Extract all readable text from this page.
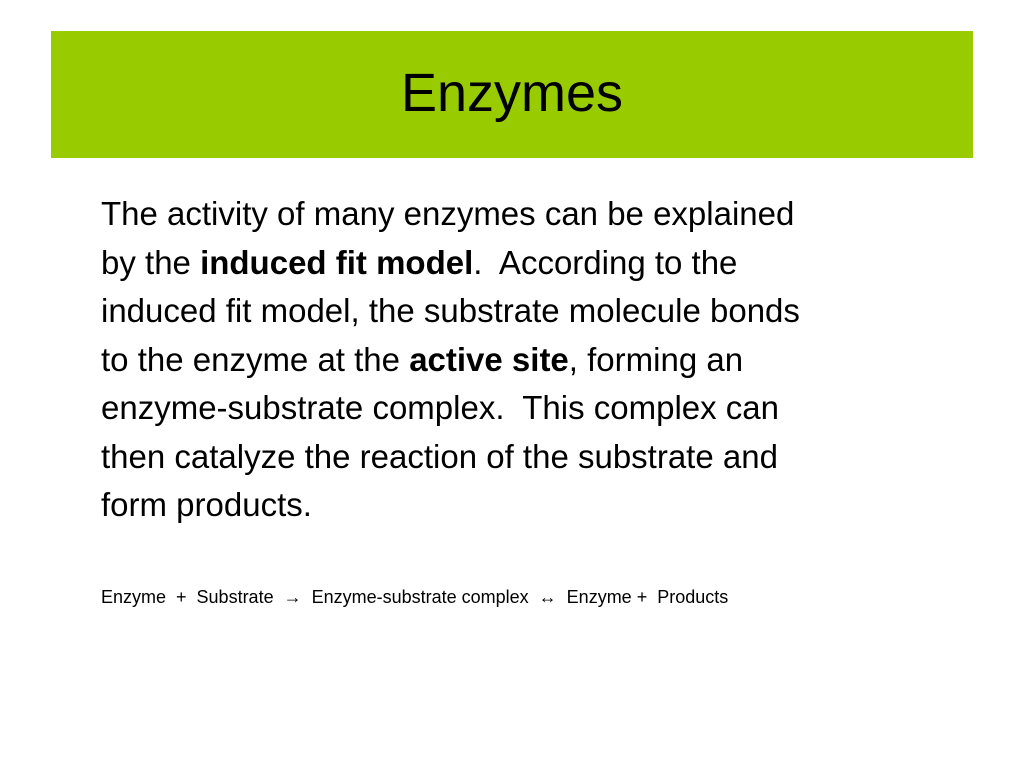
Enzymes
The activity of many enzymes can be explained
by the induced fit model.  According to the
induced fit model, the substrate molecule bonds
to the enzyme at the active site, forming an
enzyme-substrate complex.  This complex can
then catalyze the reaction of the substrate and
form products.
Enzyme  +  Substrate  →  Enzyme-substrate complex  ↔  Enzyme +  Products
